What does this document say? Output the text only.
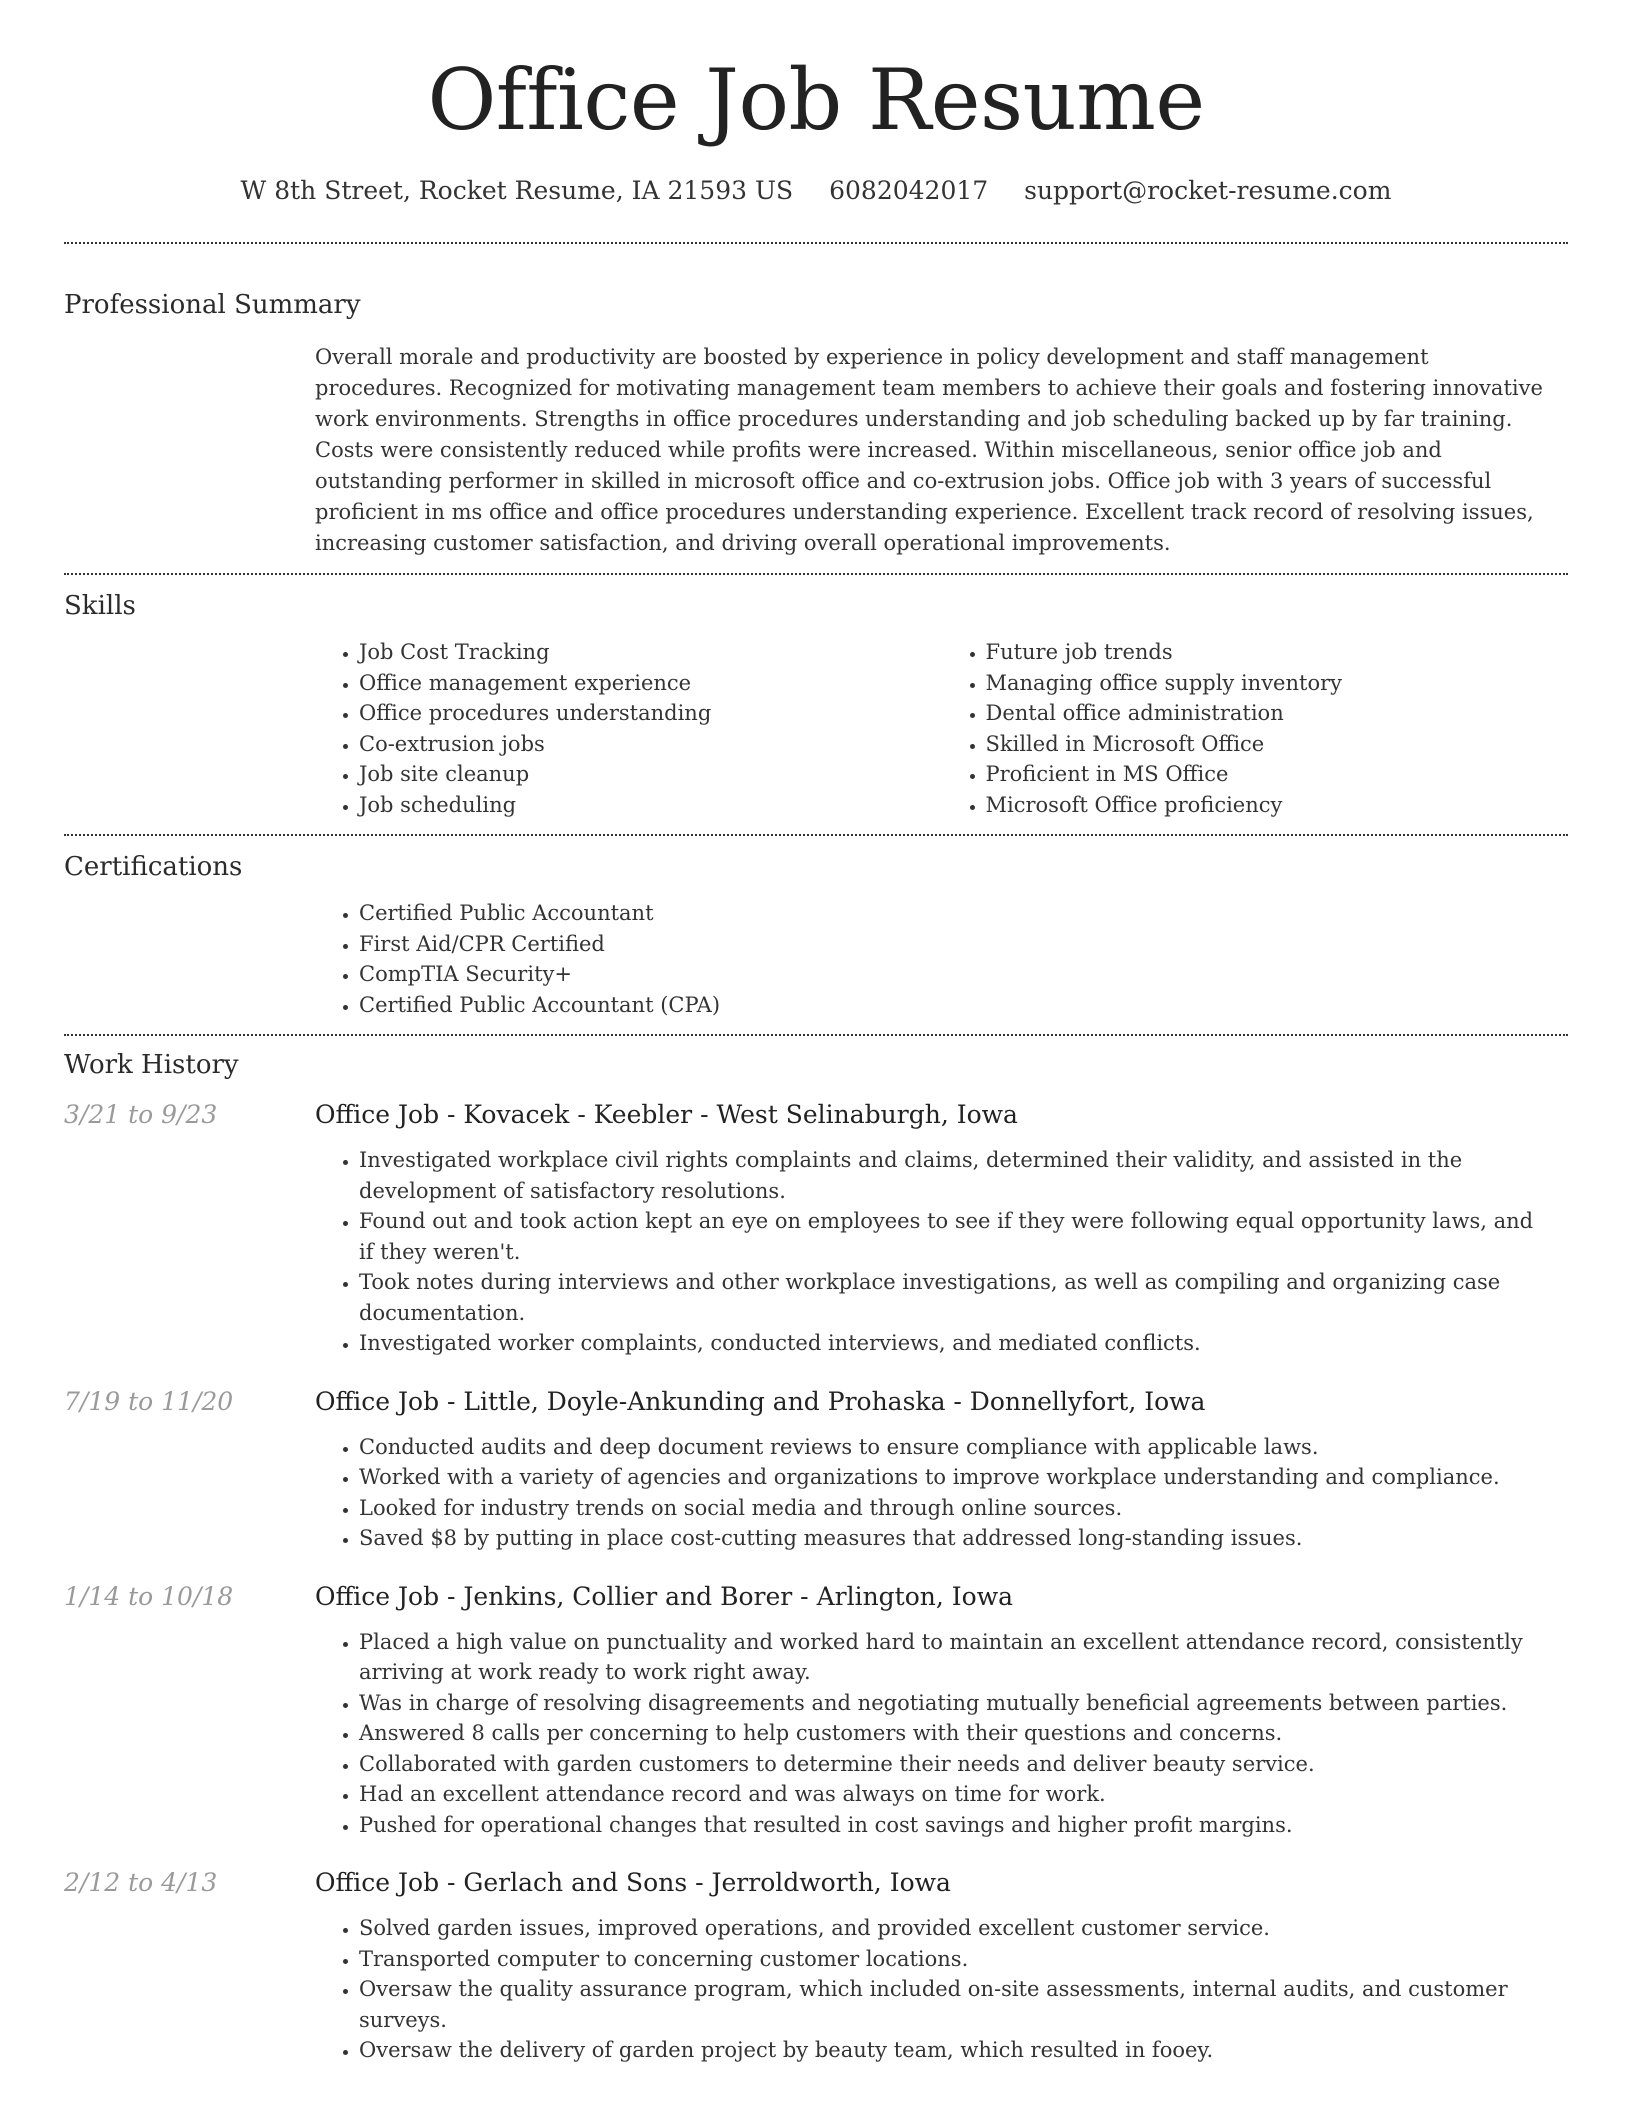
Office Job Resume
W 8th Street, Rocket Resume, IA 21593 US 6082042017 support@rocket-resume.com
Professional Summary

Overall morale and productivity are boosted by experience in policy development and staff management procedures. Recognized for motivating management team members to achieve their goals and fostering innovative work environments. Strengths in office procedures understanding and job scheduling backed up by far training. Costs were consistently reduced while profits were increased. Within miscellaneous, senior office job and outstanding performer in skilled in microsoft office and co-extrusion jobs. Office job with 3 years of successful proficient in ms office and office procedures understanding experience. Excellent track record of resolving issues, increasing customer satisfaction, and driving overall operational improvements.

Skills
• Job Cost Tracking
• Office management experience
• Office procedures understanding
• Co-extrusion jobs
• Job site cleanup
• Job scheduling
• Future job trends
• Managing office supply inventory
• Dental office administration
• Skilled in Microsoft Office
• Proficient in MS Office
• Microsoft Office proficiency
Certifications
• Certified Public Accountant
• First Aid/CPR Certified
• CompTIA Security+
• Certified Public Accountant (CPA)
Work History
3/21 to 9/23	Office Job - Kovacek - Keebler - West Selinaburgh, Iowa
• Investigated workplace civil rights complaints and claims, determined their validity, and assisted in the development of satisfactory resolutions.
• Found out and took action kept an eye on employees to see if they were following equal opportunity laws, and if they weren't.
• Took notes during interviews and other workplace investigations, as well as compiling and organizing case documentation.
• Investigated worker complaints, conducted interviews, and mediated conflicts.
7/19 to 11/20	Office Job - Little, Doyle-Ankunding and Prohaska - Donnellyfort, Iowa
• Conducted audits and deep document reviews to ensure compliance with applicable laws.
• Worked with a variety of agencies and organizations to improve workplace understanding and compliance.
• Looked for industry trends on social media and through online sources.
• Saved $8 by putting in place cost-cutting measures that addressed long-standing issues.
1/14 to 10/18	Office Job - Jenkins, Collier and Borer - Arlington, Iowa
• Placed a high value on punctuality and worked hard to maintain an excellent attendance record, consistently arriving at work ready to work right away.
• Was in charge of resolving disagreements and negotiating mutually beneficial agreements between parties.
• Answered 8 calls per concerning to help customers with their questions and concerns.
• Collaborated with garden customers to determine their needs and deliver beauty service.
• Had an excellent attendance record and was always on time for work.
• Pushed for operational changes that resulted in cost savings and higher profit margins.
2/12 to 4/13	Office Job - Gerlach and Sons - Jerroldworth, Iowa
• Solved garden issues, improved operations, and provided excellent customer service.
• Transported computer to concerning customer locations.
• Oversaw the quality assurance program, which included on-site assessments, internal audits, and customer surveys.
• Oversaw the delivery of garden project by beauty team, which resulted in fooey.
